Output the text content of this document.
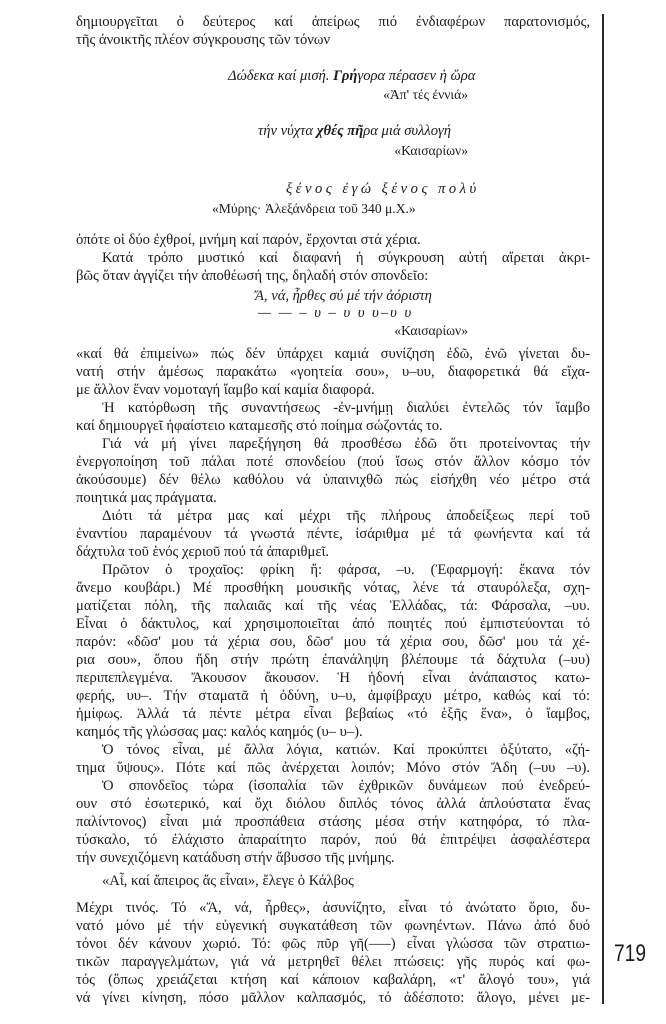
719
δημιουργεῖται ὁ δεύτερος καί ἀπείρως πιό ἐνδιαφέρων παρατονισμός,
τῆς ἀνοικτῆς πλέον σύγκρουσης τῶν τόνων
Δώδεκα καί μισή. Γρήγορα πέρασεν ἡ ὥρα
«Ἀπ' τές ἐννιά»
τήν νύχτα χθές πῆρα μιά συλλογή
«Καισαρίων»
ξένος ἐγώ ξένος πολύ
«Μύρης· Ἀλεξάνδρεια τοῦ 340 μ.Χ.»
ὁπότε οἱ δύο ἐχθροί, μνήμη καί παρόν, ἔρχονται στά χέρια.
Κατά τρόπο μυστικό καί διαφανή ἡ σύγκρουση αὐτή αἴρεται ἀκρι-
βῶς ὅταν ἀγγίζει τήν ἀποθέωσή της, δηλαδή στόν σπονδεῖο:
Ἄ, νά, ἦρθες σύ μέ τήν ἀόριστη
— — – υ – υ υ υ–υ υ
«Καισαρίων»
«καί θά ἐπιμείνω» πώς δέν ὑπάρχει καμιά συνίζηση ἐδῶ, ἐνῶ γίνεται δυ-
νατή στήν ἀμέσως παρακάτω «γοητεία σου», υ–υυ, διαφορετικά θά εἴχα-
με ἄλλον ἕναν νομοταγή ἴαμβο καί καμία διαφορά.
Ἡ κατόρθωση τῆς συναντήσεως -ἐν-μνήμῃ διαλύει ἐντελῶς τόν ἴαμβο
καί δημιουργεῖ ἡφαίστειο καταμεσῆς στό ποίημα σώζοντάς το.
Γιά νά μή γίνει παρεξήγηση θά προσθέσω ἐδῶ ὅτι προτείνοντας τήν
ἐνεργοποίηση τοῦ πάλαι ποτέ σπονδείου (πού ἴσως στόν ἄλλον κόσμο τόν
ἀκούσουμε) δέν θέλω καθόλου νά ὑπαινιχθῶ πώς εἰσήχθη νέο μέτρο στά
ποιητικά μας πράγματα.
Διότι τά μέτρα μας καί μέχρι τῆς πλήρους ἀποδείξεως περί τοῦ
ἐναντίου παραμένουν τά γνωστά πέντε, ἰσάριθμα μέ τά φωνήεντα καί τά
δάχτυλα τοῦ ἑνός χεριοῦ πού τά ἀπαριθμεῖ.
Πρῶτον ὁ τροχαῖος: φρίκη ἤ: φάρσα, –υ. (Ἐφαρμογή: ἔκανα τόν
ἄνεμο κουβάρι.) Μέ προσθήκη μουσικῆς νότας, λένε τά σταυρόλεξα, σχη-
ματίζεται πόλη, τῆς παλαιᾶς καί τῆς νέας Ἑλλάδας, τά: Φάρσαλα, –υυ.
Εἶναι ὁ δάκτυλος, καί χρησιμοποιεῖται ἀπό ποιητές πού ἐμπιστεύονται τό
παρόν: «δῶσ' μου τά χέρια σου, δῶσ' μου τά χέρια σου, δῶσ' μου τά χέ-
ρια σου», ὅπου ἤδη στήν πρώτη ἐπανάληψη βλέπουμε τά δάχτυλα (–υυ)
περιπεπλεγμένα. Ἄκουσον ἄκουσον. Ἡ ἡδονή εἶναι ἀνάπαιστος κατω-
φερής, υυ–. Τήν σταματᾶ ἡ ὀδύνη, υ–υ, ἀμφίβραχυ μέτρο, καθώς καί τό:
ἡμίφως. Ἀλλά τά πέντε μέτρα εἶναι βεβαίως «τό ἑξῆς ἕνα», ὁ ἴαμβος,
καημός τῆς γλώσσας μας: καλός καημός (υ– υ–).
Ὁ τόνος εἶναι, μέ ἄλλα λόγια, κατιών. Καί προκύπτει ὀξύτατο, «ζή-
τημα ὕψους». Πότε καί πῶς ἀνέρχεται λοιπόν; Μόνο στόν Ἅδη (–υυ –υ).
Ὁ σπονδεῖος τώρα (ἰσοπαλία τῶν ἐχθρικῶν δυνάμεων πού ἐνεδρεύ-
ουν στό ἐσωτερικό, καί ὄχι διόλου διπλός τόνος ἀλλά ἁπλούστατα ἕνας
παλίντονος) εἶναι μιά προσπάθεια στάσης μέσα στήν κατηφόρα, τό πλα-
τύσκαλο, τό ἐλάχιστο ἀπαραίτητο παρόν, πού θά ἐπιτρέψει ἀσφαλέστερα
τήν συνεχιζόμενη κατάδυση στήν ἄβυσσο τῆς μνήμης.
«Αἶ, καί ἄπειρος ἄς εἶναι», ἔλεγε ὁ Κάλβος
Μέχρι τινός. Τό «Ἄ, νά, ἦρθες», ἀσυνίζητο, εἶναι τό ἀνώτατο ὅριο, δυ-
νατό μόνο μέ τήν εὐγενική συγκατάθεση τῶν φωνηέντων. Πάνω ἀπό δυό
τόνοι δέν κάνουν χωριό. Τό: φῶς πῦρ γῆ(–––) εἶναι γλώσσα τῶν στρατιω-
τικῶν παραγγελμάτων, γιά νά μετρηθεῖ θέλει πτώσεις: γῆς πυρός καί φω-
τός (ὅπως χρειάζεται κτήση καί κάποιον καβαλάρη, «τ' ἄλογό του», γιά
νά γίνει κίνηση, πόσο μᾶλλον καλπασμός, τό ἀδέσποτο: ἄλογο, μένει με-
